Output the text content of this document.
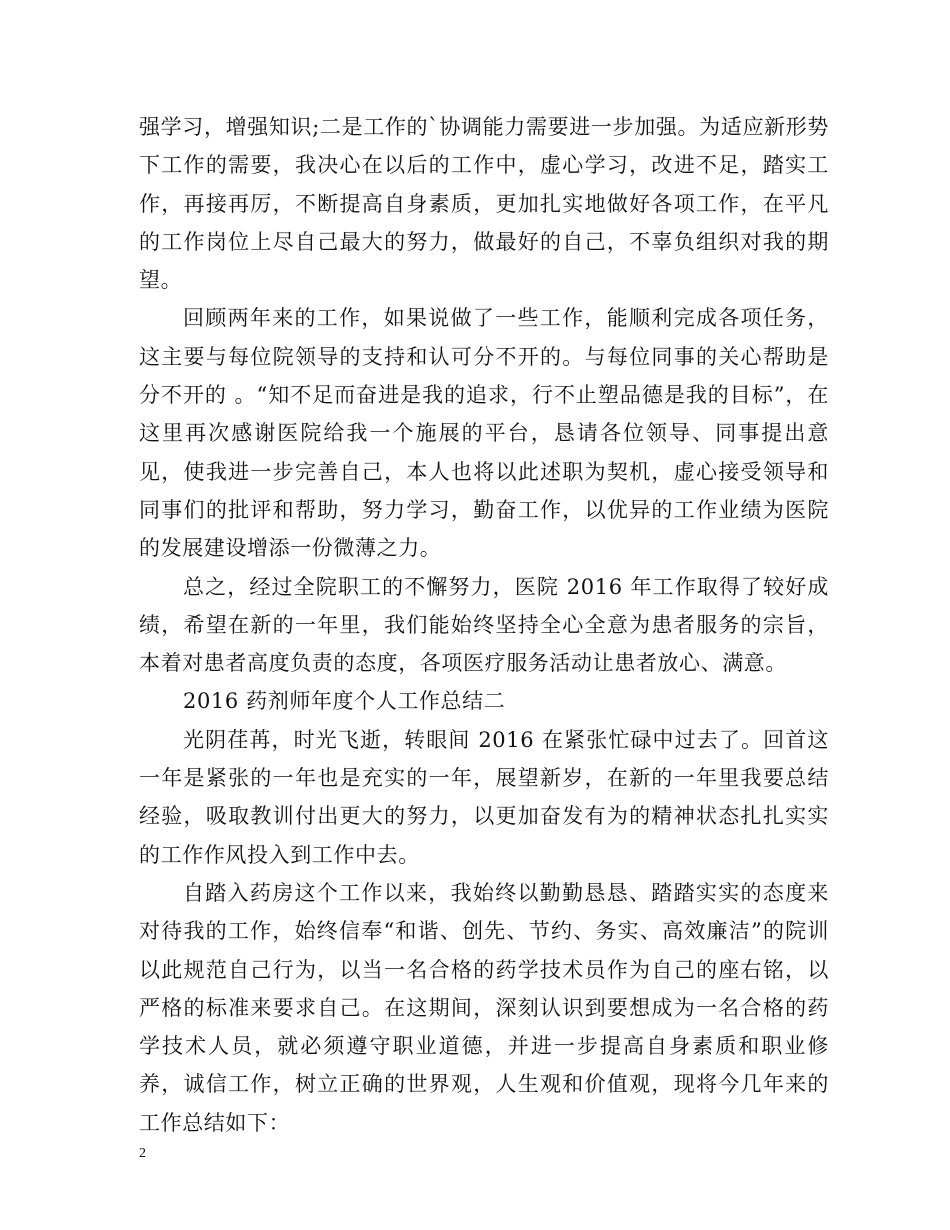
强学习，增强知识;二是工作的`协调能力需要进一步加强。为适应新形势下工作的需要，我决心在以后的工作中，虚心学习，改进不足，踏实工作，再接再厉，不断提高自身素质，更加扎实地做好各项工作，在平凡的工作岗位上尽自己最大的努力，做最好的自己，不辜负组织对我的期望。

回顾两年来的工作，如果说做了一些工作，能顺利完成各项任务，这主要与每位院领导的支持和认可分不开的。与每位同事的关心帮助是分不开的 。“知不足而奋进是我的追求，行不止塑品德是我的目标”，在这里再次感谢医院给我一个施展的平台，恳请各位领导、同事提出意见，使我进一步完善自己，本人也将以此述职为契机，虚心接受领导和同事们的批评和帮助，努力学习，勤奋工作，以优异的工作业绩为医院的发展建设增添一份微薄之力。

总之，经过全院职工的不懈努力，医院 2016 年工作取得了较好成绩，希望在新的一年里，我们能始终坚持全心全意为患者服务的宗旨，本着对患者高度负责的态度，各项医疗服务活动让患者放心、满意。

2016 药剂师年度个人工作总结二

光阴荏苒，时光飞逝，转眼间 2016 在紧张忙碌中过去了。回首这一年是紧张的一年也是充实的一年，展望新岁，在新的一年里我要总结经验，吸取教训付出更大的努力，以更加奋发有为的精神状态扎扎实实的工作作风投入到工作中去。

自踏入药房这个工作以来，我始终以勤勤恳恳、踏踏实实的态度来对待我的工作，始终信奉“和谐、创先、节约、务实、高效廉洁”的院训以此规范自己行为，以当一名合格的药学技术员作为自己的座右铭，以严格的标准来要求自己。在这期间，深刻认识到要想成为一名合格的药学技术人员，就必须遵守职业道德，并进一步提高自身素质和职业修养，诚信工作，树立正确的世界观，人生观和价值观，现将今几年来的工作总结如下：

2
